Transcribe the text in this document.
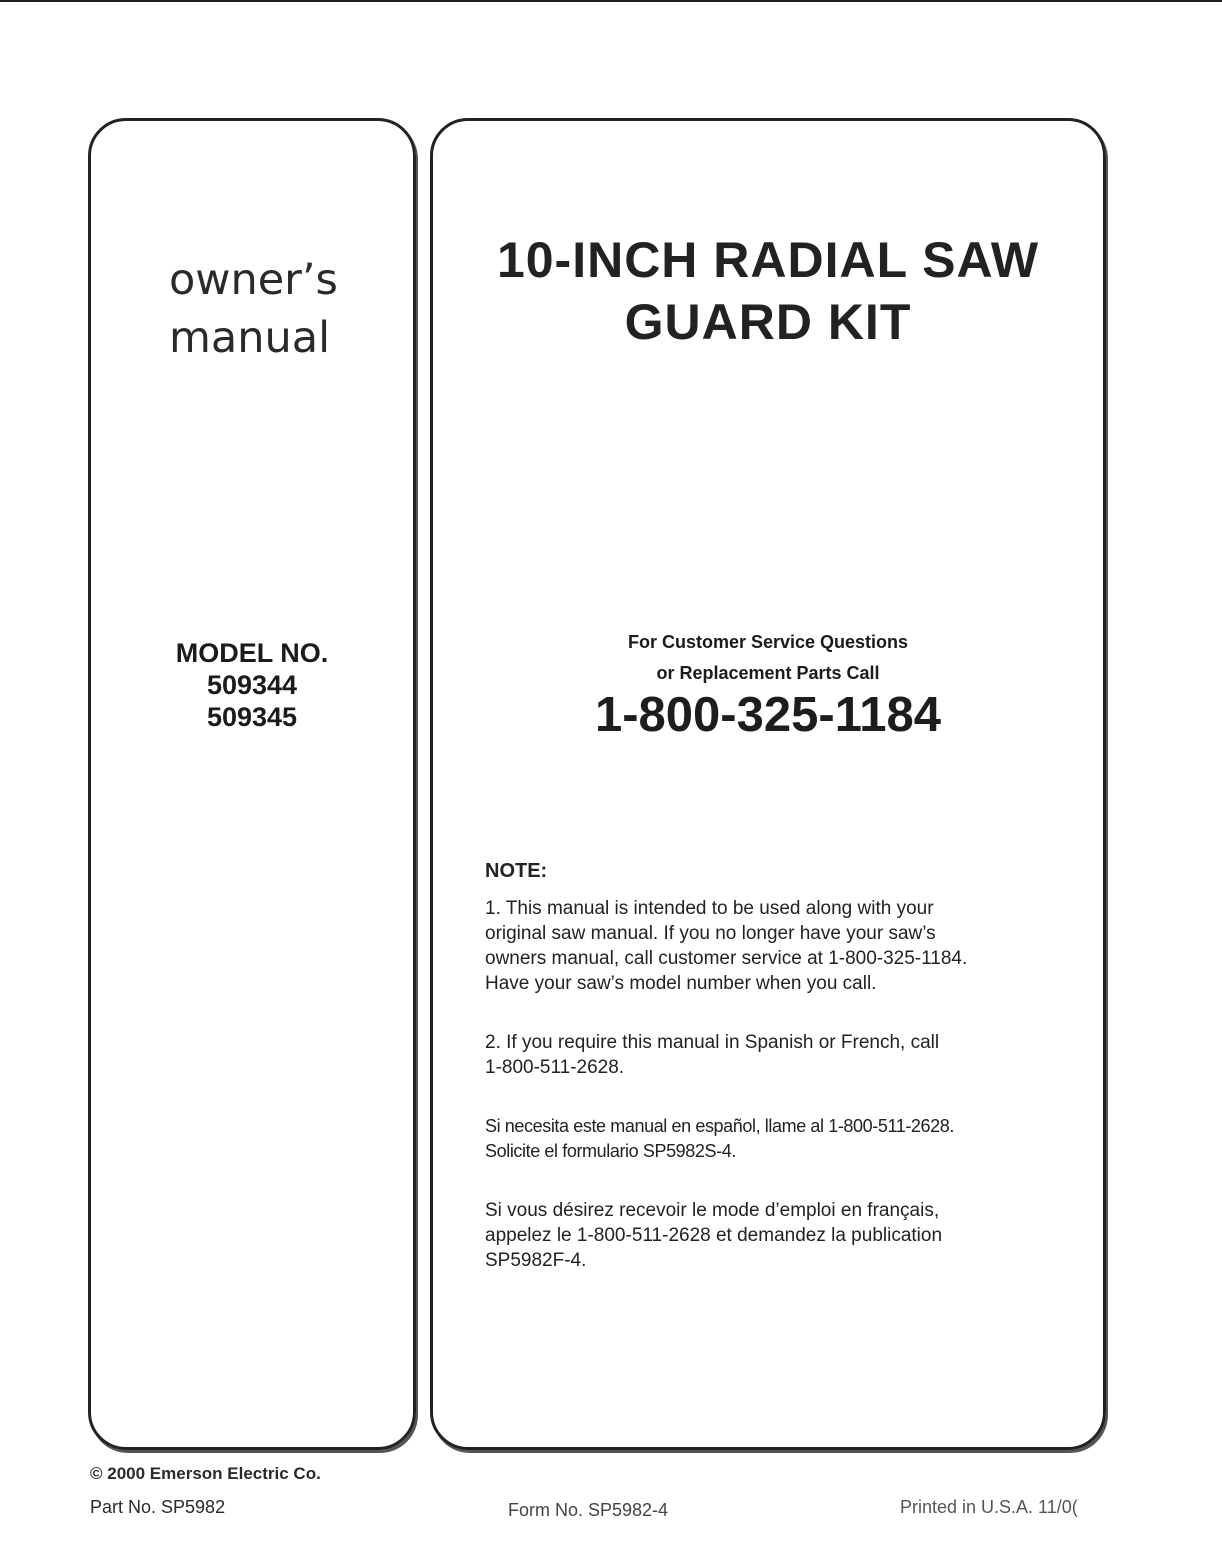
owner’s
manual
MODEL NO.
509344
509345
10-INCH RADIAL SAW
GUARD KIT
For Customer Service Questions
or Replacement Parts Call
1-800-325-1184
NOTE:

1. This manual is intended to be used along with your
original saw manual. If you no longer have your saw’s
owners manual, call customer service at 1-800-325-1184.
Have your saw’s model number when you call.

2. If you require this manual in Spanish or French, call
1-800-511-2628.

Si necesita este manual en español, llame al 1-800-511-2628.
Solicite el formulario SP5982S-4.

Si vous désirez recevoir le mode d’emploi en français,
appelez le 1-800-511-2628 et demandez la publication
SP5982F-4.

© 2000 Emerson Electric Co.
Part No. SP5982	Form No. SP5982-4	Printed in U.S.A. 11/0(
